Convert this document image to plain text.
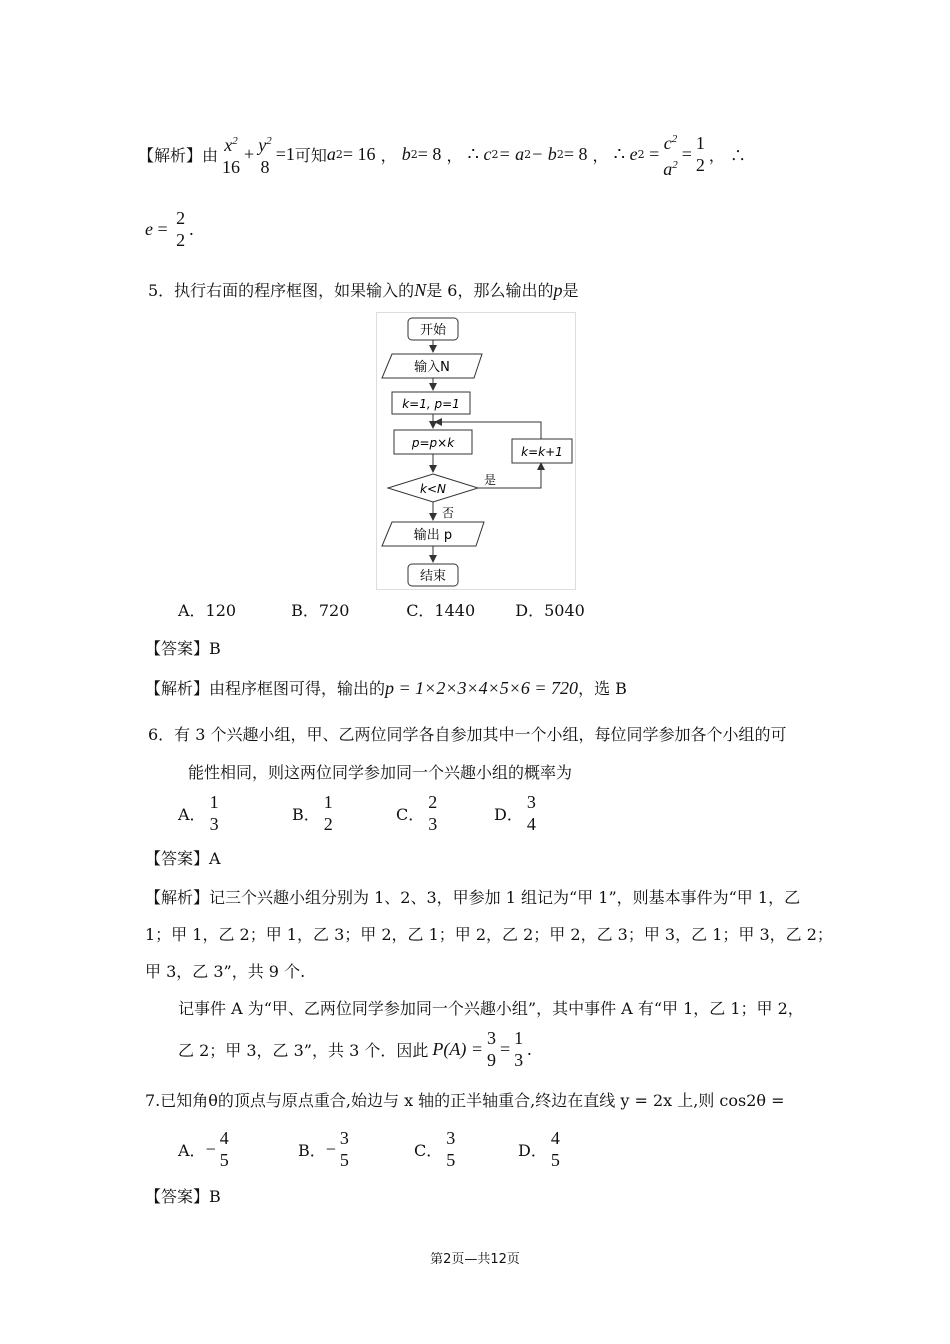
【解析】 由 $x^2$
16
+ $y^2$
8
=1 可知 a 2 = 16 ， b 2 = 8 ， ∴ c 2 = a 2 − b 2 = 8 ， ∴ e 2 =
$c^2$
$a^2$
=
1
2 ， ∴
e =
2
2
.
5．执行右面的程序框图，如果输入的N是 6，那么输出的p是
开始
输入N
k=1, p=1
p=p×k
k<N
是
k=k+1
否
输出 p
结束
A．120	B．720	C．1440	D．5040
【答案】B
【解析】由程序框图可得，输出的p = 1×2×3×4×5×6 = 720，选 B
6．有 3 个兴趣小组，甲、乙两位同学各自参加其中一个小组，每位同学参加各个小组的可
能性相同，则这两位同学参加同一个兴趣小组的概率为
A．
1
3	B．
1
2	C．
2
3	D．
3
4
【答案】A
【解析】记三个兴趣小组分别为 1、2、3，甲参加 1 组记为“甲 1”，则基本事件为“甲 1，乙
1；甲 1，乙 2；甲 1，乙 3；甲 2，乙 1；甲 2，乙 2；甲 2，乙 3；甲 3，乙 1；甲 3，乙 2；
甲 3，乙 3”，共 9 个.
记事件 A 为“甲、乙两位同学参加同一个兴趣小组”，其中事件 A 有“甲 1，乙 1；甲 2，
乙 2；甲 3，乙 3”，共 3 个．因此 P(A) =
3
9
=
1
3
.
7.已知角θ的顶点与原点重合,始边与 x 轴的正半轴重合,终边在直线 y = 2x 上,则 cos2θ =
A． −
4
5	B． −
3
5	C．
3
5	D．
4
5
【答案】B
第2页—共12页
